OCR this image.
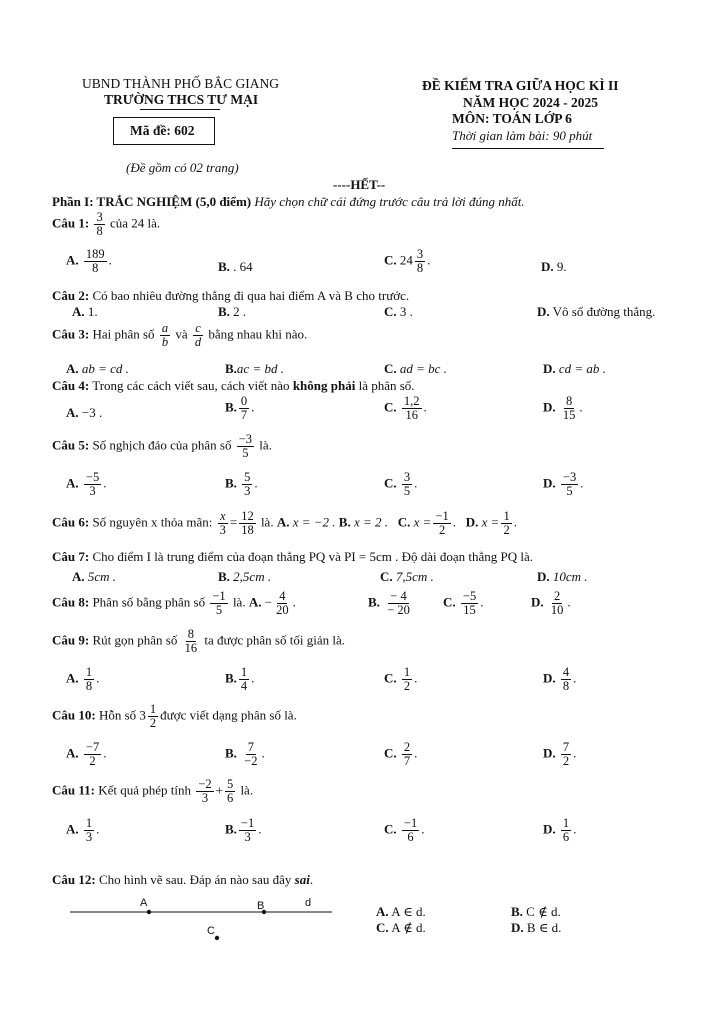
UBND THÀNH PHỐ BẮC GIANG
TRƯỜNG THCS TƯ MẠI
Mã đề: 602
(Đề gồm có 02 trang)
ĐỀ KIỂM TRA GIỮA HỌC KÌ II
NĂM HỌC 2024 - 2025
MÔN: TOÁN LỚP 6
Thời gian làm bài: 90 phút
----HẾT--
Phần I: TRẮC NGHIỆM (5,0 điểm) Hãy chọn chữ cái đứng trước câu trả lời đúng nhất.
Câu 1: $\frac{3}{8}$ của 24 là.
A. $\frac{189}{8}$ .	B. . 64	C. $24 \frac{3}{8}$ .	D. 9.
Câu 2: Có bao nhiêu đường thẳng đi qua hai điểm A và B cho trước.
A. 1.	B. 2 .	C. 3 .	D. Vô số đường thẳng.
Câu 3: Hai phân số $\frac{a}{b}$ và $\frac{c}{d}$ bằng nhau khi nào.
A. ab = cd .	B.ac = bd .	C. ad = bc .	D. cd = ab .
Câu 4: Trong các cách viết sau, cách viết nào không phải là phân số.
A. −3 .	B. $\frac{0}{7}$ .	C. $\frac{1,2}{16}$ .	D. $\frac{8}{15}$ .
Câu 5: Số nghịch đảo của phân số $\frac{-3}{5}$ là.
A. $\frac{-5}{3}$ .	B. $\frac{5}{3}$ .	C. $\frac{3}{5}$ .	D. $\frac{-3}{5}$ .
Câu 6: Số nguyên x thỏa mãn: $\frac{x}{3} = \frac{12}{18}$ là. A. x = −2 . B. x = 2 . C. $x = \frac{-1}{2}$ .   D. $x = \frac{1}{2}$ .
Câu 7: Cho điểm I là trung điểm của đoạn thẳng PQ và PI = 5cm . Độ dài đoạn thẳng PQ là.
A. 5cm .	B. 2,5cm .	C. 7,5cm .	D. 10cm .
Câu 8: Phân số bằng phân số $\frac{-1}{5}$ là. A. − $\frac{4}{20}$ .	B. $\frac{- 4}{- 20} C$. $\frac{-5}{15}$ .	D. $\frac{2}{10}$ .
Câu 9: Rút gọn phân số $\frac{8}{16}$ ta được phân số tối giản là.
A. $\frac{1}{8}$ .	B. $\frac{1}{4}$ .	C. $\frac{1}{2}$ .	D. $\frac{4}{8}$ .
Câu 10: Hỗn số $3 \frac{1}{2}$ được viết dạng phân số là.
A. $\frac{-7}{2}$ .	B. $\frac{7}{-2}$ .	C. $\frac{2}{7}$ .	D. $\frac{7}{2}$ .
Câu 11: Kết quả phép tính $\frac{-2}{3} + \frac{5}{6}$ là.
A. $\frac{1}{3}$ .	B. $\frac{-1}{3}$ .	C. $\frac{-1}{6}$ .	D. $\frac{1}{6}$ .
Câu 12: Cho hình vẽ sau. Đáp án nào sau đây sai.
A	B
C
d
A. A ∈ d.	B. C ∉ d.
C. A ∉ d.	D. B ∈ d.
